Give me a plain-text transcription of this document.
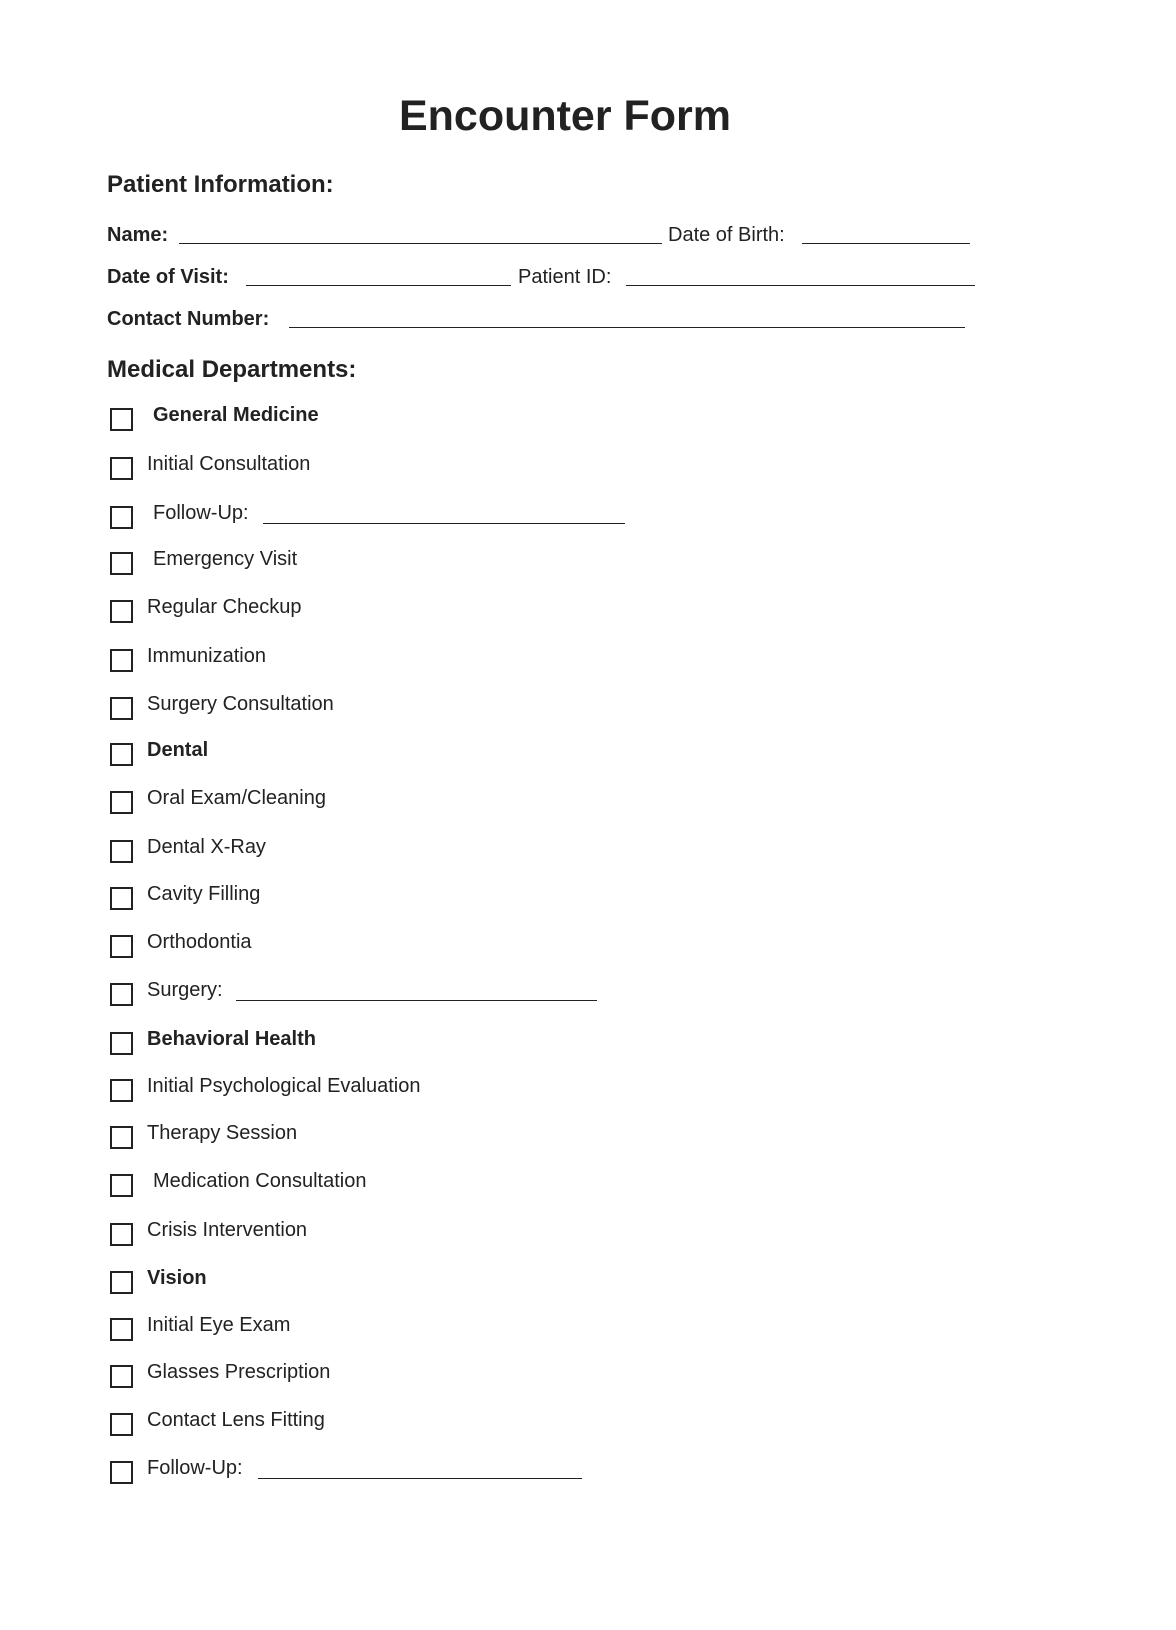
Encounter Form
Patient Information:
Name:	Date of Birth:
Date of Visit:	Patient ID:
Contact Number:
Medical Departments:
General Medicine
Initial Consultation
Follow-Up:
Emergency Visit
Regular Checkup
Immunization
Surgery Consultation
Dental
Oral Exam/Cleaning
Dental X-Ray
Cavity Filling
Orthodontia
Surgery:
Behavioral Health
Initial Psychological Evaluation
Therapy Session
Medication Consultation
Crisis Intervention
Vision
Initial Eye Exam
Glasses Prescription
Contact Lens Fitting
Follow-Up:
